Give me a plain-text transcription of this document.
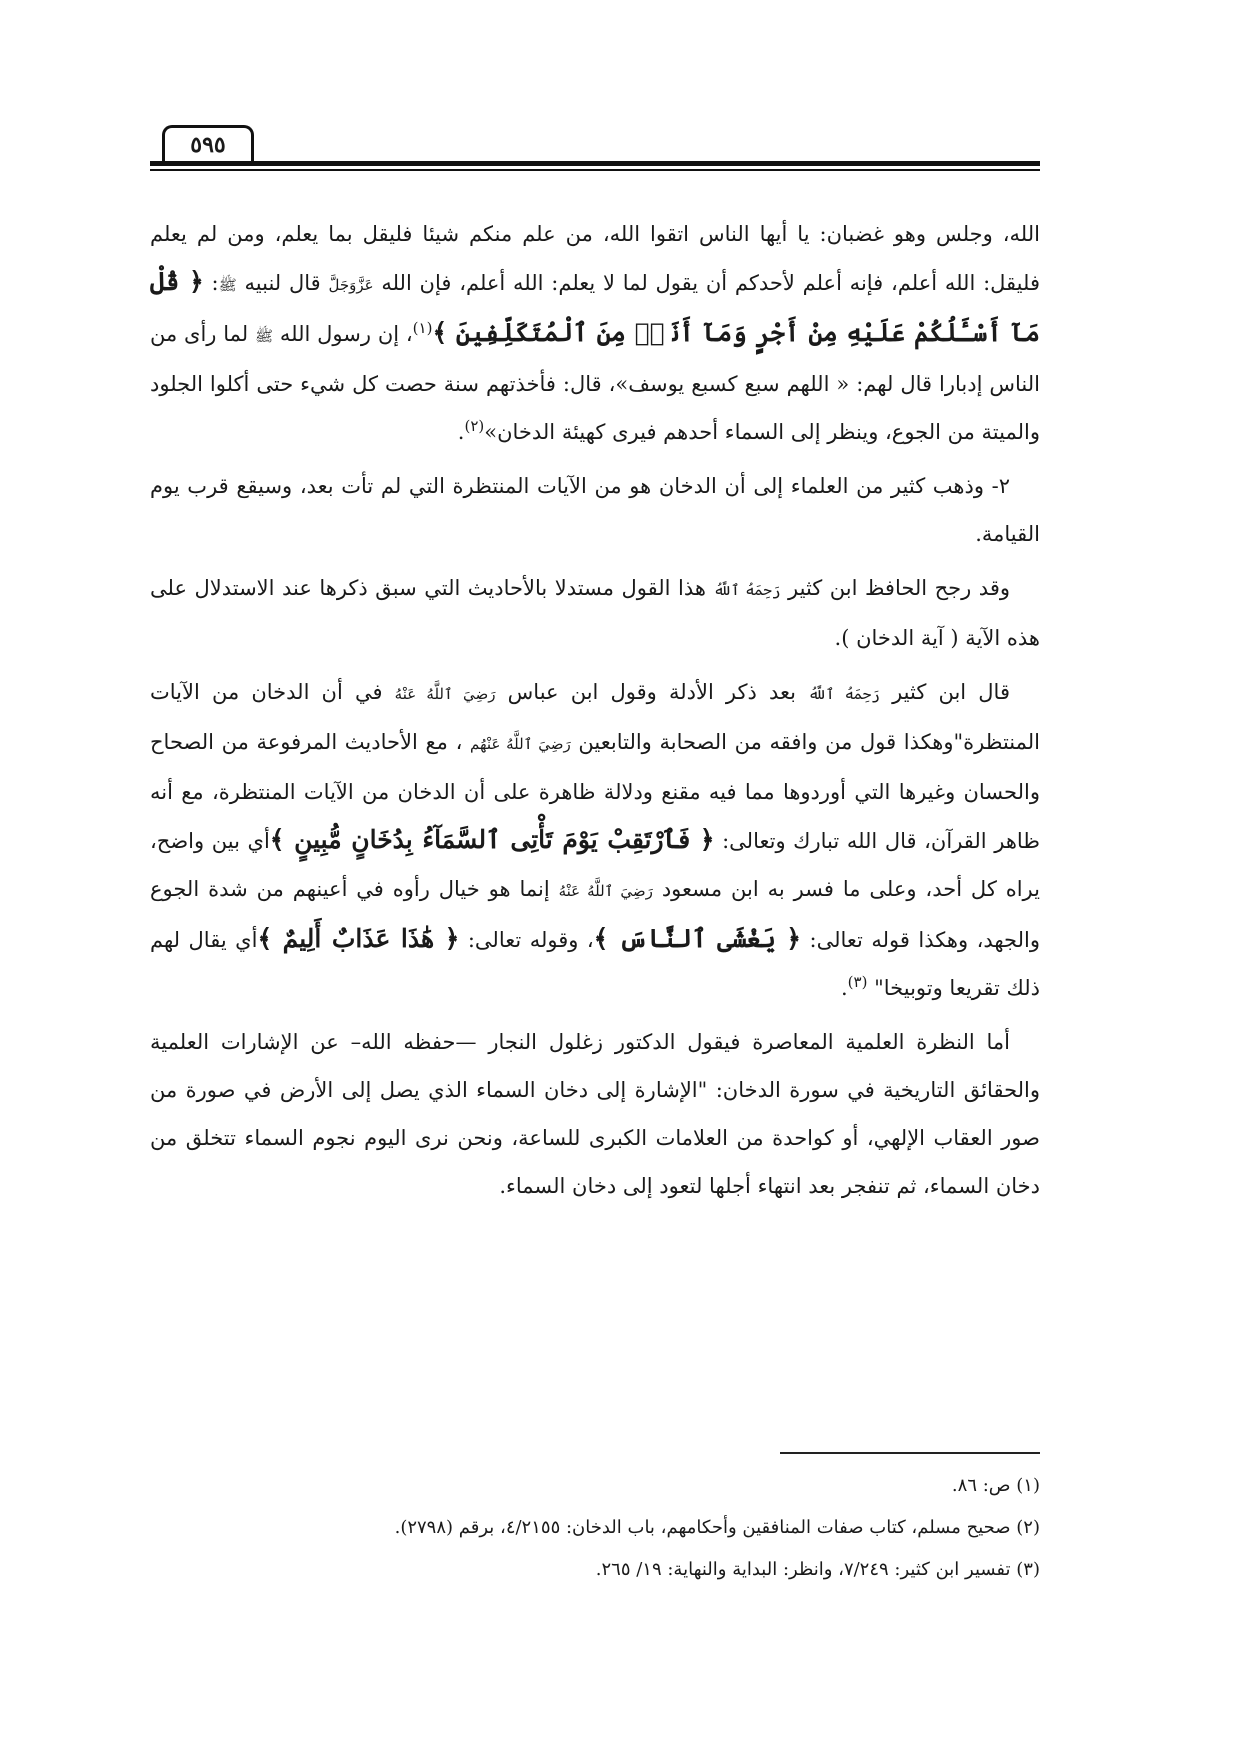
٥٩٥

الله، وجلس وهو غضبان: يا أيها الناس اتقوا الله، من علم منكم شيئا فليقل بما يعلم، ومن لم يعلم فليقل: الله أعلم، فإنه أعلم لأحدكم أن يقول لما لا يعلم: الله أعلم، فإن الله عَزَّوَجَلَّ قال لنبيه ﷺ: ﴿ قُلْ مَآ أَسْـَٔلُكُمْ عَلَيْهِ مِنْ أَجْرٍ وَمَآ أَنَا۠ مِنَ ٱلْمُتَكَلِّفِينَ ﴾$^{(١)}$، إن رسول الله ﷺ لما رأى من الناس إدبارا قال لهم: « اللهم سبع كسبع يوسف»، قال: فأخذتهم سنة حصت كل شيء حتى أكلوا الجلود والميتة من الجوع، وينظر إلى السماء أحدهم فيرى كهيئة الدخان»$^{(٢)}$.

٢- وذهب كثير من العلماء إلى أن الدخان هو من الآيات المنتظرة التي لم تأت بعد، وسيقع قرب يوم القيامة.

وقد رجح الحافظ ابن كثير رَحِمَهُ ٱللَّهُ هذا القول مستدلا بالأحاديث التي سبق ذكرها عند الاستدلال على هذه الآية ( آية الدخان ).

قال ابن كثير رَحِمَهُ ٱللَّهُ بعد ذكر الأدلة وقول ابن عباس رَضِيَ ٱللَّهُ عَنْهُ في أن الدخان من الآيات المنتظرة"وهكذا قول من وافقه من الصحابة والتابعين رَضِيَ ٱللَّهُ عَنْهُم ، مع الأحاديث المرفوعة من الصحاح والحسان وغيرها التي أوردوها مما فيه مقنع ودلالة ظاهرة على أن الدخان من الآيات المنتظرة، مع أنه ظاهر القرآن، قال الله تبارك وتعالى: ﴿ فَٱرْتَقِبْ يَوْمَ تَأْتِى ٱلسَّمَآءُ بِدُخَانٍ مُّبِينٍ ﴾أي بين واضح، يراه كل أحد، وعلى ما فسر به ابن مسعود رَضِيَ ٱللَّهُ عَنْهُ إنما هو خيال رأوه في أعينهم من شدة الجوع والجهد، وهكذا قوله تعالى: ﴿ يَغْشَى ٱلنَّاسَ ﴾، وقوله تعالى: ﴿ هَٰذَا عَذَابٌ أَلِيمٌ ﴾أي يقال لهم ذلك تقريعا وتوبيخا" $^{(٣)}$.

أما النظرة العلمية المعاصرة فيقول الدكتور زغلول النجار —حفظه الله– عن الإشارات العلمية والحقائق التاريخية في سورة الدخان: "الإشارة إلى دخان السماء الذي يصل إلى الأرض في صورة من صور العقاب الإلهي، أو كواحدة من العلامات الكبرى للساعة، ونحن نرى اليوم نجوم السماء تتخلق من دخان السماء، ثم تنفجر بعد انتهاء أجلها لتعود إلى دخان السماء.

(١) ص: ٨٦.
(٢) صحيح مسلم، كتاب صفات المنافقين وأحكامهم، باب الدخان: ٤/٢١٥٥، برقم (٢٧٩٨).
(٣) تفسير ابن كثير: ٧/٢٤٩، وانظر: البداية والنهاية: ١٩/ ٢٦٥.
